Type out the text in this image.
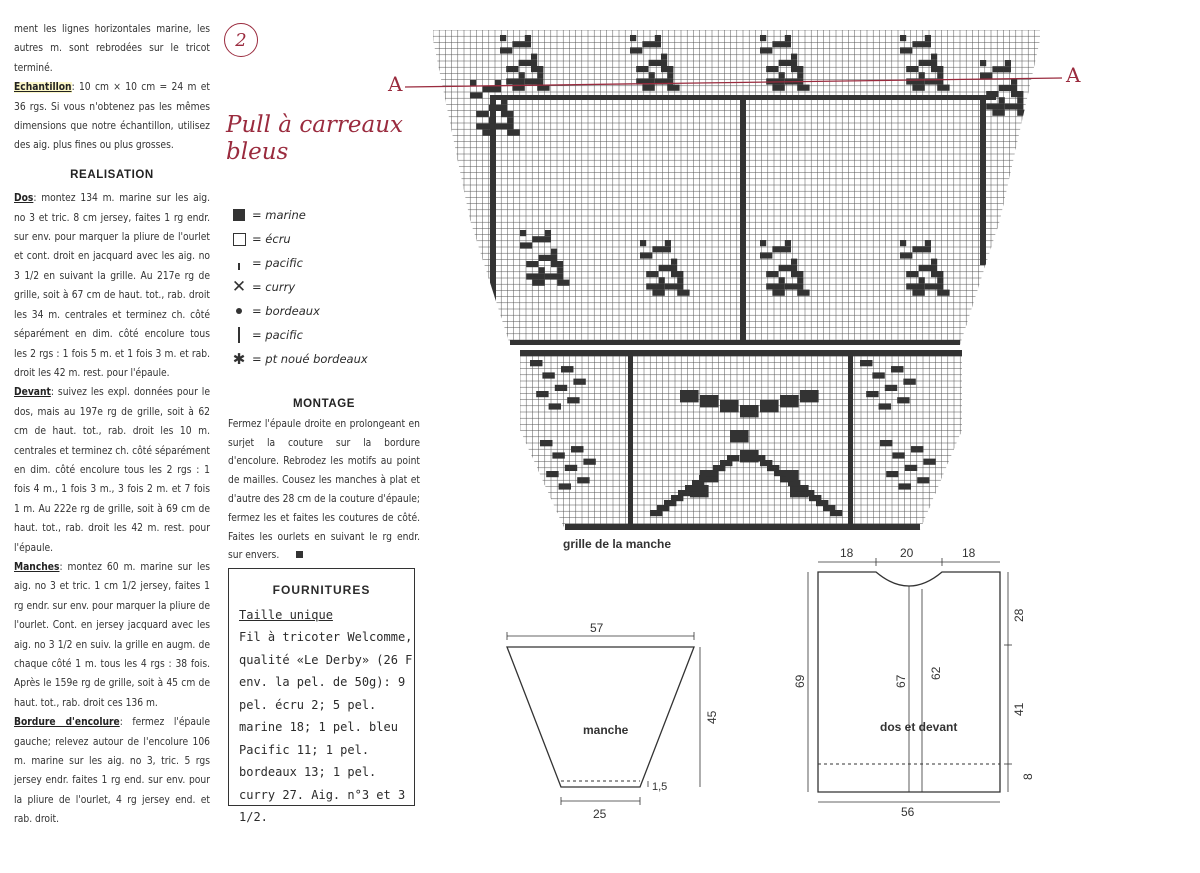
ment les lignes horizontales marine, les autres m. sont rebrodées sur le tricot terminé.

Echantillon: 10 cm × 10 cm = 24 m et 36 rgs. Si vous n'obtenez pas les mêmes dimensions que notre échantillon, utilisez des aig. plus fines ou plus grosses.

REALISATION

Dos: montez 134 m. marine sur les aig. no 3 et tric. 8 cm jersey, faites 1 rg endr. sur env. pour marquer la pliure de l'ourlet et cont. droit en jacquard avec les aig. no 3 1/2 en suivant la grille. Au 217e rg de grille, soit à 67 cm de haut. tot., rab. droit les 34 m. centrales et terminez ch. côté séparément en dim. côté encolure tous les 2 rgs : 1 fois 5 m. et 1 fois 3 m. et rab. droit les 42 m. rest. pour l'épaule.

Devant: suivez les expl. données pour le dos, mais au 197e rg de grille, soit à 62 cm de haut. tot., rab. droit les 10 m. centrales et terminez ch. côté séparément en dim. côté encolure tous les 2 rgs : 1 fois 4 m., 1 fois 3 m., 3 fois 2 m. et 7 fois 1 m. Au 222e rg de grille, soit à 69 cm de haut. tot., rab. droit les 42 m. rest. pour l'épaule.

Manches: montez 60 m. marine sur les aig. no 3 et tric. 1 cm 1/2 jersey, faites 1 rg endr. sur env. pour marquer la pliure de l'ourlet. Cont. en jersey jacquard avec les aig. no 3 1/2 en suiv. la grille en augm. de chaque côté 1 m. tous les 4 rgs : 38 fois. Après le 159e rg de grille, soit à 45 cm de haut. tot., rab. droit ces 136 m.

Bordure d'encolure: fermez l'épaule gauche; relevez autour de l'encolure 106 m. marine sur les aig. no 3, tric. 5 rgs jersey endr. faites 1 rg end. sur env. pour la pliure de l'ourlet, 4 rg jersey end. et rab. droit.

2
Pull à carreaux bleus
= marine
= écru
= pacific
✕ = curry
= bordeaux
= pacific
✱ = pt noué bordeaux
MONTAGE

Fermez l'épaule droite en prolongeant en surjet la couture sur la bordure d'encolure. Rebrodez les motifs au point de mailles. Cousez les manches à plat et d'autre des 28 cm de la couture d'épaule; fermez les et faites les coutures de côté. Faites les ourlets en suivant le rg endr. sur envers.

FOURNITURES
Taille unique
Fil à tricoter Welcomme, qualité «Le Derby» (26 F env. la pel. de 50g): 9 pel. écru 2; 5 pel. marine 18; 1 pel. bleu Pacific 11; 1 pel. bordeaux 13; 1 pel. curry 27. Aig. n°3 et 3 1/2.
A	A
grille de la manche
57
45
1,5
25
manche
18	20	18
69	67
62
28
41
8
56
dos et devant
